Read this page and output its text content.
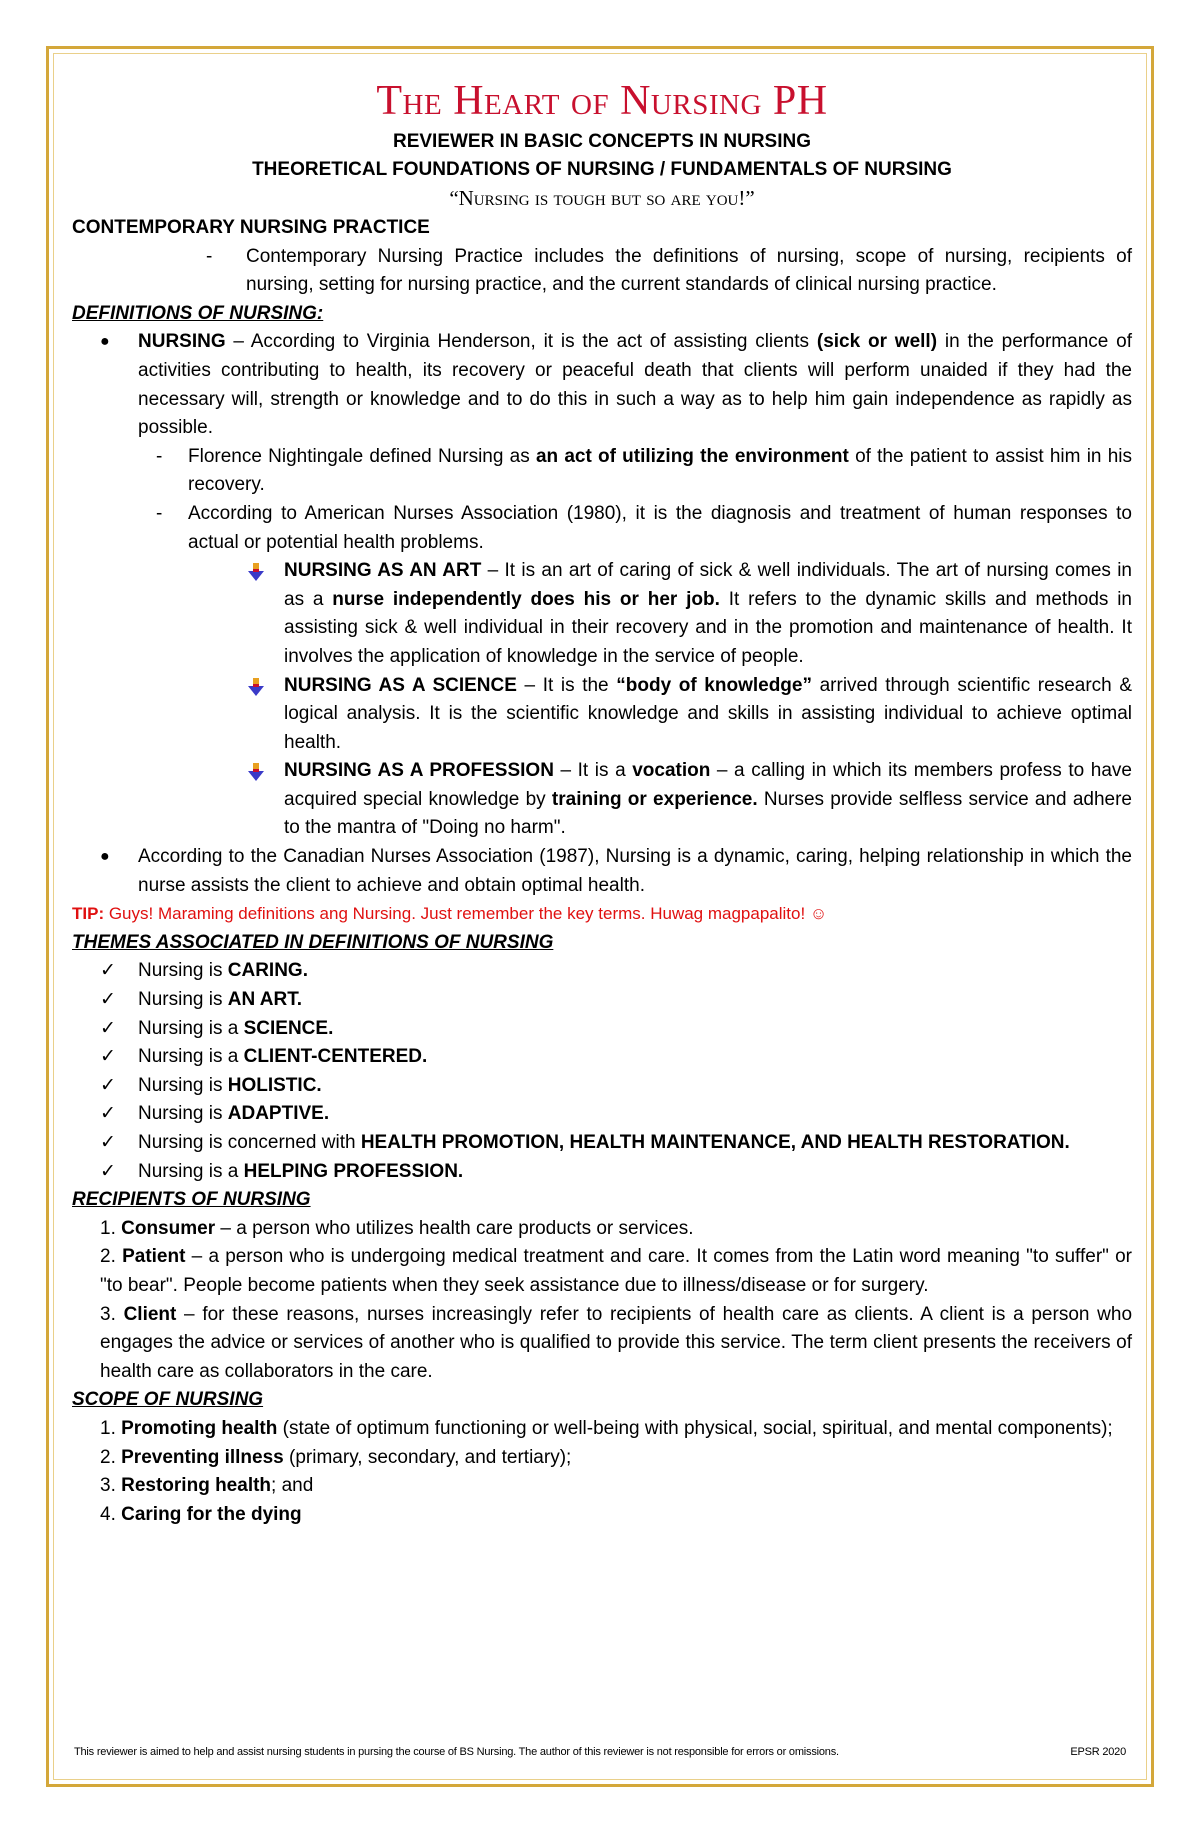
The Heart of Nursing PH
REVIEWER IN BASIC CONCEPTS IN NURSING
THEORETICAL FOUNDATIONS OF NURSING / FUNDAMENTALS OF NURSING
“Nursing is tough but so are you!”
CONTEMPORARY NURSING PRACTICE
- Contemporary Nursing Practice includes the definitions of nursing, scope of nursing, recipients of nursing, setting for nursing practice, and the current standards of clinical nursing practice.
DEFINITIONS OF NURSING:
● NURSING – According to Virginia Henderson, it is the act of assisting clients (sick or well) in the performance of activities contributing to health, its recovery or peaceful death that clients will perform unaided if they had the necessary will, strength or knowledge and to do this in such a way as to help him gain independence as rapidly as possible.
- Florence Nightingale defined Nursing as an act of utilizing the environment of the patient to assist him in his recovery.
- According to American Nurses Association (1980), it is the diagnosis and treatment of human responses to actual or potential health problems.
NURSING AS AN ART – It is an art of caring of sick & well individuals. The art of nursing comes in as a nurse independently does his or her job. It refers to the dynamic skills and methods in assisting sick & well individual in their recovery and in the promotion and maintenance of health. It involves the application of knowledge in the service of people.
NURSING AS A SCIENCE – It is the “body of knowledge” arrived through scientific research & logical analysis. It is the scientific knowledge and skills in assisting individual to achieve optimal health.
NURSING AS A PROFESSION – It is a vocation – a calling in which its members profess to have acquired special knowledge by training or experience. Nurses provide selfless service and adhere to the mantra of "Doing no harm".
● According to the Canadian Nurses Association (1987), Nursing is a dynamic, caring, helping relationship in which the nurse assists the client to achieve and obtain optimal health.
TIP: Guys! Maraming definitions ang Nursing. Just remember the key terms. Huwag magpapalito! ☺
THEMES ASSOCIATED IN DEFINITIONS OF NURSING
✓ Nursing is CARING.
✓ Nursing is AN ART.
✓ Nursing is a SCIENCE.
✓ Nursing is a CLIENT-CENTERED.
✓ Nursing is HOLISTIC.
✓ Nursing is ADAPTIVE.
✓ Nursing is concerned with HEALTH PROMOTION, HEALTH MAINTENANCE, AND HEALTH RESTORATION.
✓ Nursing is a HELPING PROFESSION.
RECIPIENTS OF NURSING
1. Consumer – a person who utilizes health care products or services.
2. Patient – a person who is undergoing medical treatment and care. It comes from the Latin word meaning "to suffer" or "to bear". People become patients when they seek assistance due to illness/disease or for surgery.
3. Client – for these reasons, nurses increasingly refer to recipients of health care as clients. A client is a person who engages the advice or services of another who is qualified to provide this service. The term client presents the receivers of health care as collaborators in the care.
SCOPE OF NURSING
1. Promoting health (state of optimum functioning or well-being with physical, social, spiritual, and mental components);
2. Preventing illness (primary, secondary, and tertiary);
3. Restoring health; and
4. Caring for the dying
This reviewer is aimed to help and assist nursing students in pursing the course of BS Nursing. The author of this reviewer is not responsible for errors or omissions.	EPSR 2020
